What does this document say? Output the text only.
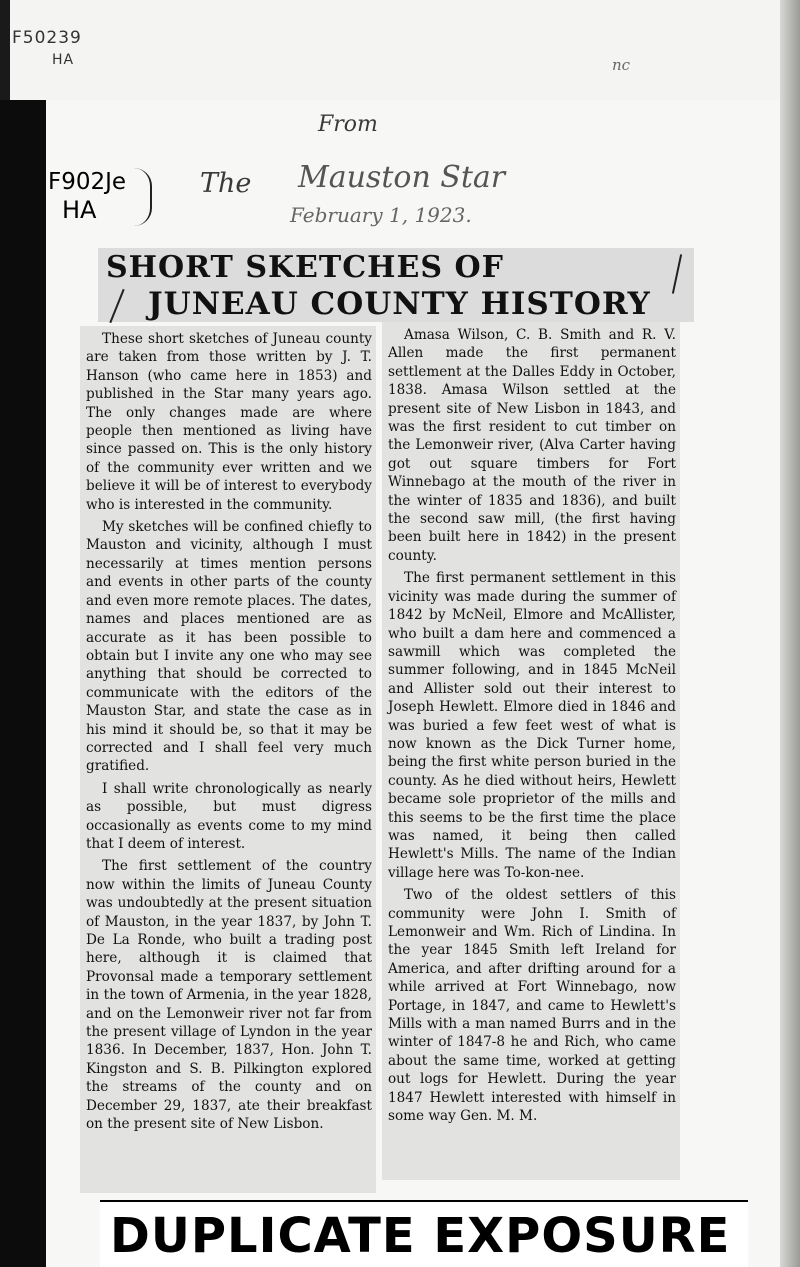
F50239
HA	nc
F902Je
HA
From
The Mauston Star
February 1, 1923.
SHORT SKETCHES OF
JUNEAU COUNTY HISTORY

These short sketches of Juneau county are taken from those written by J. T. Hanson (who came here in 1853) and published in the Star many years ago. The only changes made are where people then mentioned as living have since passed on. This is the only history of the community ever written and we believe it will be of interest to everybody who is interested in the community.

My sketches will be confined chiefly to Mauston and vicinity, although I must necessarily at times mention persons and events in other parts of the county and even more remote places. The dates, names and places mentioned are as accurate as it has been possible to obtain but I invite any one who may see anything that should be corrected to communicate with the editors of the Mauston Star, and state the case as in his mind it should be, so that it may be corrected and I shall feel very much gratified.

I shall write chronologically as nearly as possible, but must digress occasionally as events come to my mind that I deem of interest.

The first settlement of the country now within the limits of Juneau County was undoubtedly at the present situation of Mauston, in the year 1837, by John T. De La Ronde, who built a trading post here, although it is claimed that Provonsal made a temporary settlement in the town of Armenia, in the year 1828, and on the Lemonweir river not far from the present village of Lyndon in the year 1836. In December, 1837, Hon. John T. Kingston and S. B. Pilkington explored the streams of the county and on December 29, 1837, ate their breakfast on the present site of New Lisbon.

Amasa Wilson, C. B. Smith and R. V. Allen made the first permanent settlement at the Dalles Eddy in October, 1838. Amasa Wilson settled at the present site of New Lisbon in 1843, and was the first resident to cut timber on the Lemonweir river, (Alva Carter having got out square timbers for Fort Winnebago at the mouth of the river in the winter of 1835 and 1836), and built the second saw mill, (the first having been built here in 1842) in the present county.

The first permanent settlement in this vicinity was made during the summer of 1842 by McNeil, Elmore and McAllister, who built a dam here and commenced a sawmill which was completed the summer following, and in 1845 McNeil and Allister sold out their interest to Joseph Hewlett. Elmore died in 1846 and was buried a few feet west of what is now known as the Dick Turner home, being the first white person buried in the county. As he died without heirs, Hewlett became sole proprietor of the mills and this seems to be the first time the place was named, it being then called Hewlett's Mills. The name of the Indian village here was To-kon-nee.

Two of the oldest settlers of this community were John I. Smith of Lemonweir and Wm. Rich of Lindina. In the year 1845 Smith left Ireland for America, and after drifting around for a while arrived at Fort Winnebago, now Portage, in 1847, and came to Hewlett's Mills with a man named Burrs and in the winter of 1847-8 he and Rich, who came about the same time, worked at getting out logs for Hewlett. During the year 1847 Hewlett interested with himself in some way Gen. M. M.

DUPLICATE EXPOSURE
